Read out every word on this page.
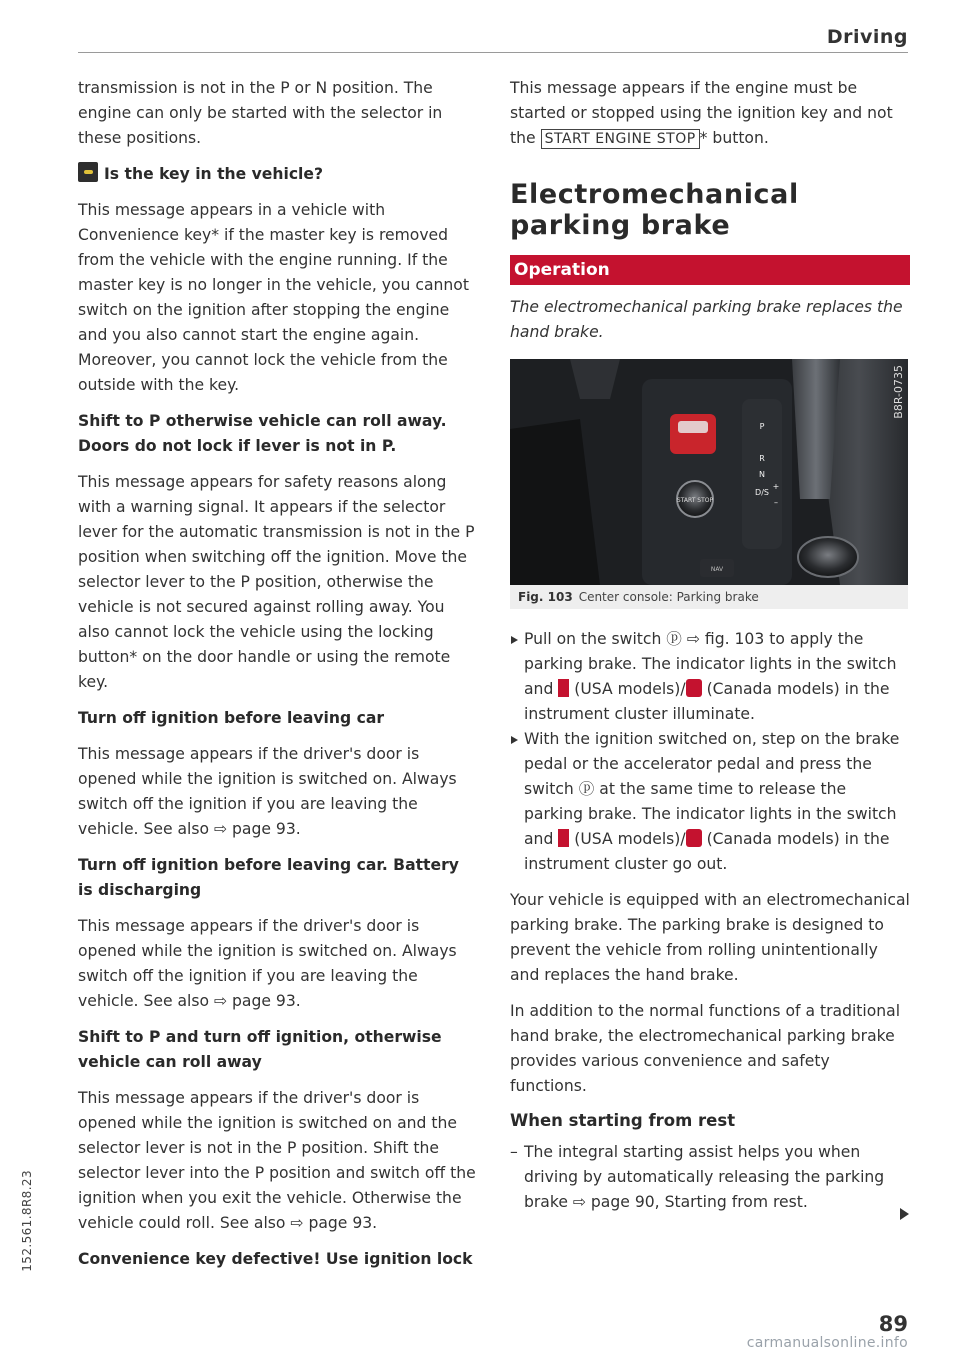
Driving

transmission is not in the P or N position. The engine can only be started with the selector in these positions.

Is the key in the vehicle?

This message appears in a vehicle with Convenience key* if the master key is removed from the vehicle with the engine running. If the master key is no longer in the vehicle, you cannot switch on the ignition after stopping the engine and you also cannot start the engine again. Moreover, you cannot lock the vehicle from the outside with the key.

Shift to P otherwise vehicle can roll away. Doors do not lock if lever is not in P.

This message appears for safety reasons along with a warning signal. It appears if the selector lever for the automatic transmission is not in the P position when switching off the ignition. Move the selector lever to the P position, otherwise the vehicle is not secured against rolling away. You also cannot lock the vehicle using the locking button* on the door handle or using the remote key.

Turn off ignition before leaving car

This message appears if the driver's door is opened while the ignition is switched on. Always switch off the ignition if you are leaving the vehicle. See also ⇨ page 93.

Turn off ignition before leaving car. Battery is discharging

This message appears if the driver's door is opened while the ignition is switched on. Always switch off the ignition if you are leaving the vehicle. See also ⇨ page 93.

Shift to P and turn off ignition, otherwise vehicle can roll away

This message appears if the driver's door is opened while the ignition is switched on and the selector lever is not in the P position. Shift the selector lever into the P position and switch off the ignition when you exit the vehicle. Otherwise the vehicle could roll. See also ⇨ page 93.

Convenience key defective! Use ignition lock

This message appears if the engine must be started or stopped using the ignition key and not the START ENGINE STOP * button.

Electromechanical parking brake
Operation
The electromechanical parking brake replaces the hand brake.
START STOP
P
R
N
D/S
+
–
NAV
B8R-0735
Fig. 103 Center console: Parking brake
Pull on the switch ⓟ ⇨ fig. 103 to apply the parking brake. The indicator lights in the switch and (USA models)/ (Canada models) in the instrument cluster illuminate.
With the ignition switched on, step on the brake pedal or the accelerator pedal and press the switch ⓟ at the same time to release the parking brake. The indicator lights in the switch and (USA models)/ (Canada models) in the instrument cluster go out.

Your vehicle is equipped with an electromechanical parking brake. The parking brake is designed to prevent the vehicle from rolling unintentionally and replaces the hand brake.

In addition to the normal functions of a traditional hand brake, the electromechanical parking brake provides various convenience and safety functions.

When starting from rest
– The integral starting assist helps you when driving by automatically releasing the parking brake ⇨ page 90, Starting from rest.
152.561.8R8.23
89
carmanualsonline.info
